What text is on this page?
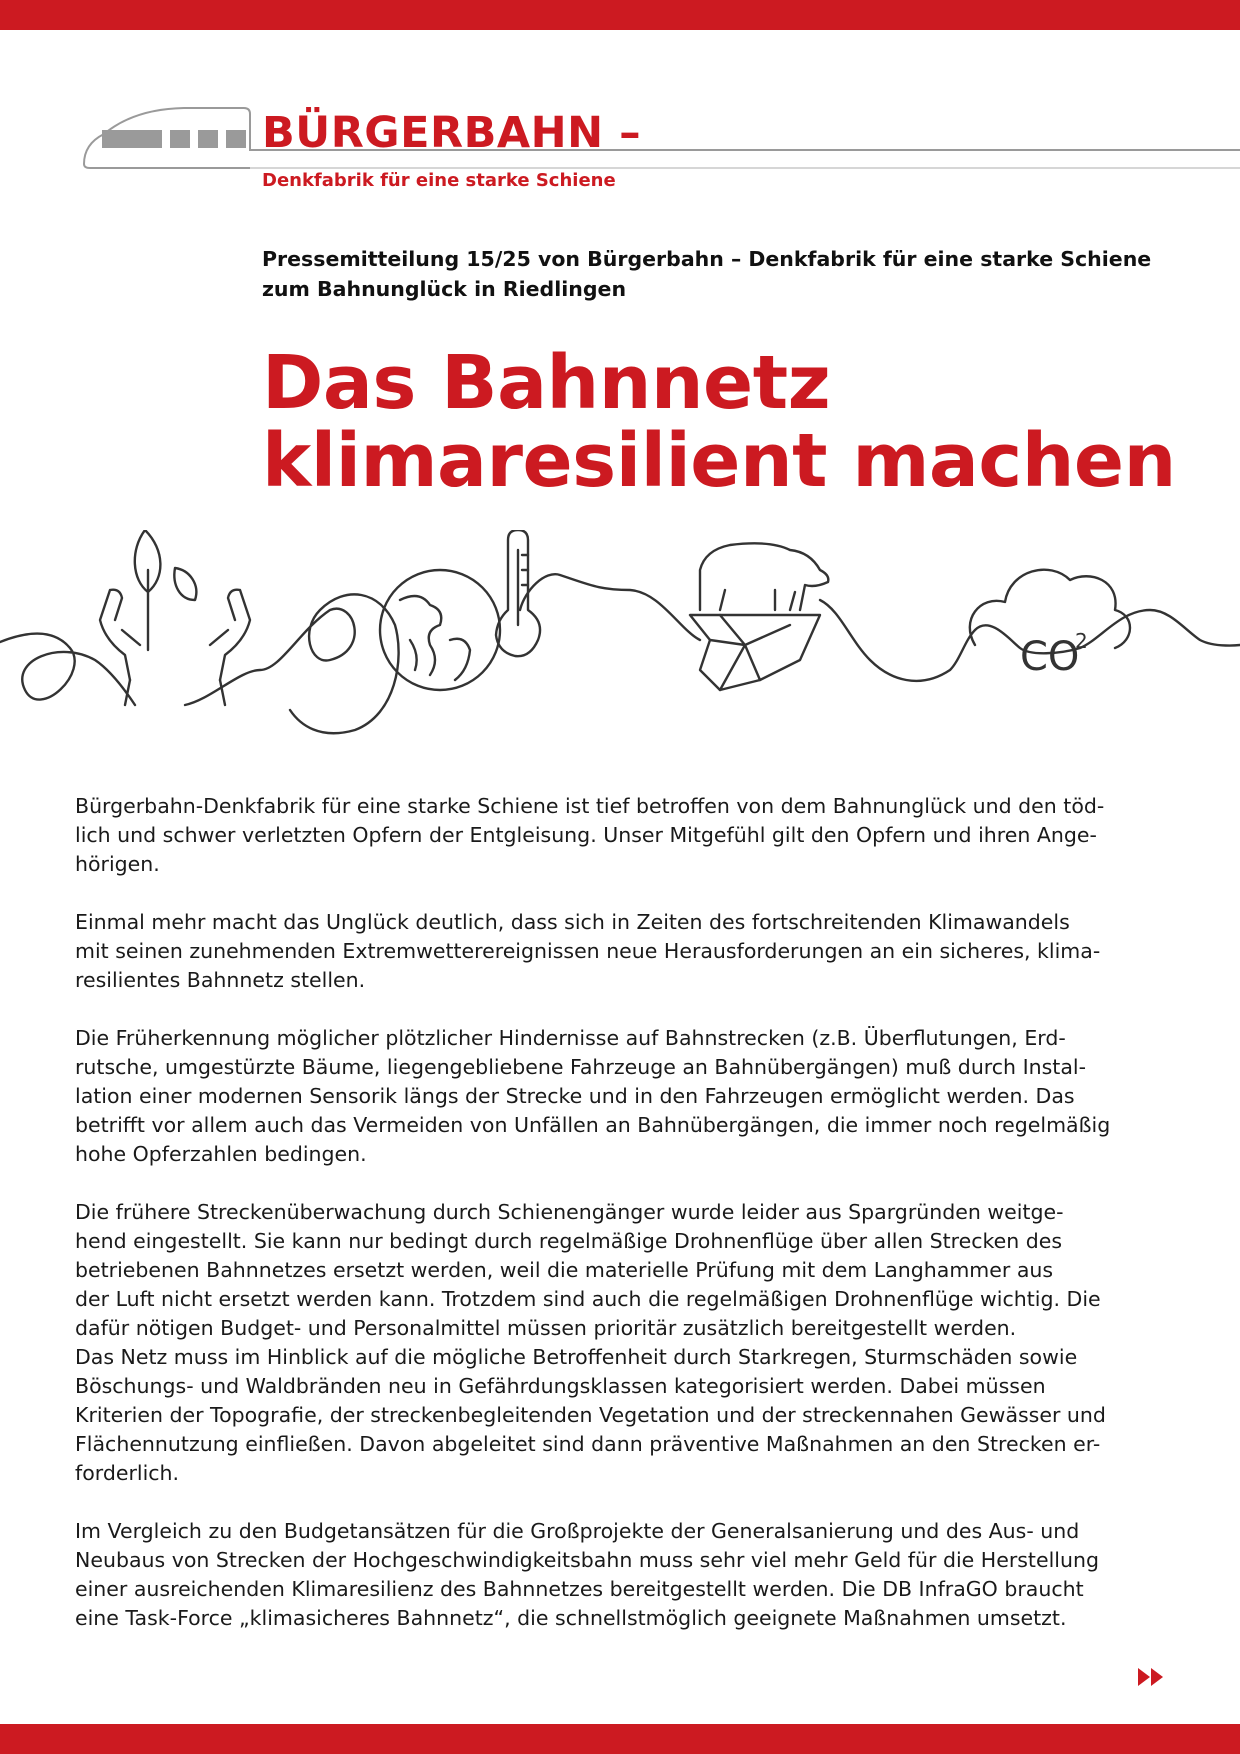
BÜRGERBAHN –
Denkfabrik für eine starke Schiene
Pressemitteilung 15/25 von Bürgerbahn – Denkfabrik für eine starke Schiene
zum Bahnunglück in Riedlingen
Das Bahnnetz
klimaresilient machen
CO
2

Bürgerbahn-Denkfabrik für eine starke Schiene ist tief betroffen von dem Bahnunglück und den töd-
lich und schwer verletzten Opfern der Entgleisung. Unser Mitgefühl gilt den Opfern und ihren Ange-
hörigen.

Einmal mehr macht das Unglück deutlich, dass sich in Zeiten des fortschreitenden Klimawandels
mit seinen zunehmenden Extremwetterereignissen neue Herausforderungen an ein sicheres, klima-
resilientes Bahnnetz stellen.

Die Früherkennung möglicher plötzlicher Hindernisse auf Bahnstrecken (z.B. Überflutungen, Erd-
rutsche, umgestürzte Bäume, liegengebliebene Fahrzeuge an Bahnübergängen) muß durch Instal-
lation einer modernen Sensorik längs der Strecke und in den Fahrzeugen ermöglicht werden. Das
betrifft vor allem auch das Vermeiden von Unfällen an Bahnübergängen, die immer noch regelmäßig
hohe Opferzahlen bedingen.

Die frühere Streckenüberwachung durch Schienengänger wurde leider aus Spargründen weitge-
hend eingestellt. Sie kann nur bedingt durch regelmäßige Drohnenflüge über allen Strecken des
betriebenen Bahnnetzes ersetzt werden, weil die materielle Prüfung mit dem Langhammer aus
der Luft nicht ersetzt werden kann. Trotzdem sind auch die regelmäßigen Drohnenflüge wichtig. Die
dafür nötigen Budget- und Personalmittel müssen prioritär zusätzlich bereitgestellt werden.

Das Netz muss im Hinblick auf die mögliche Betroffenheit durch Starkregen, Sturmschäden sowie
Böschungs- und Waldbränden neu in Gefährdungsklassen kategorisiert werden. Dabei müssen
Kriterien der Topografie, der streckenbegleitenden Vegetation und der streckennahen Gewässer und
Flächennutzung einfließen. Davon abgeleitet sind dann präventive Maßnahmen an den Strecken er-
forderlich.

Im Vergleich zu den Budgetansätzen für die Großprojekte der Generalsanierung und des Aus- und
Neubaus von Strecken der Hochgeschwindigkeitsbahn muss sehr viel mehr Geld für die Herstellung
einer ausreichenden Klimaresilienz des Bahnnetzes bereitgestellt werden. Die DB InfraGO braucht
eine Task-Force „klimasicheres Bahnnetz“, die schnellstmöglich geeignete Maßnahmen umsetzt.
